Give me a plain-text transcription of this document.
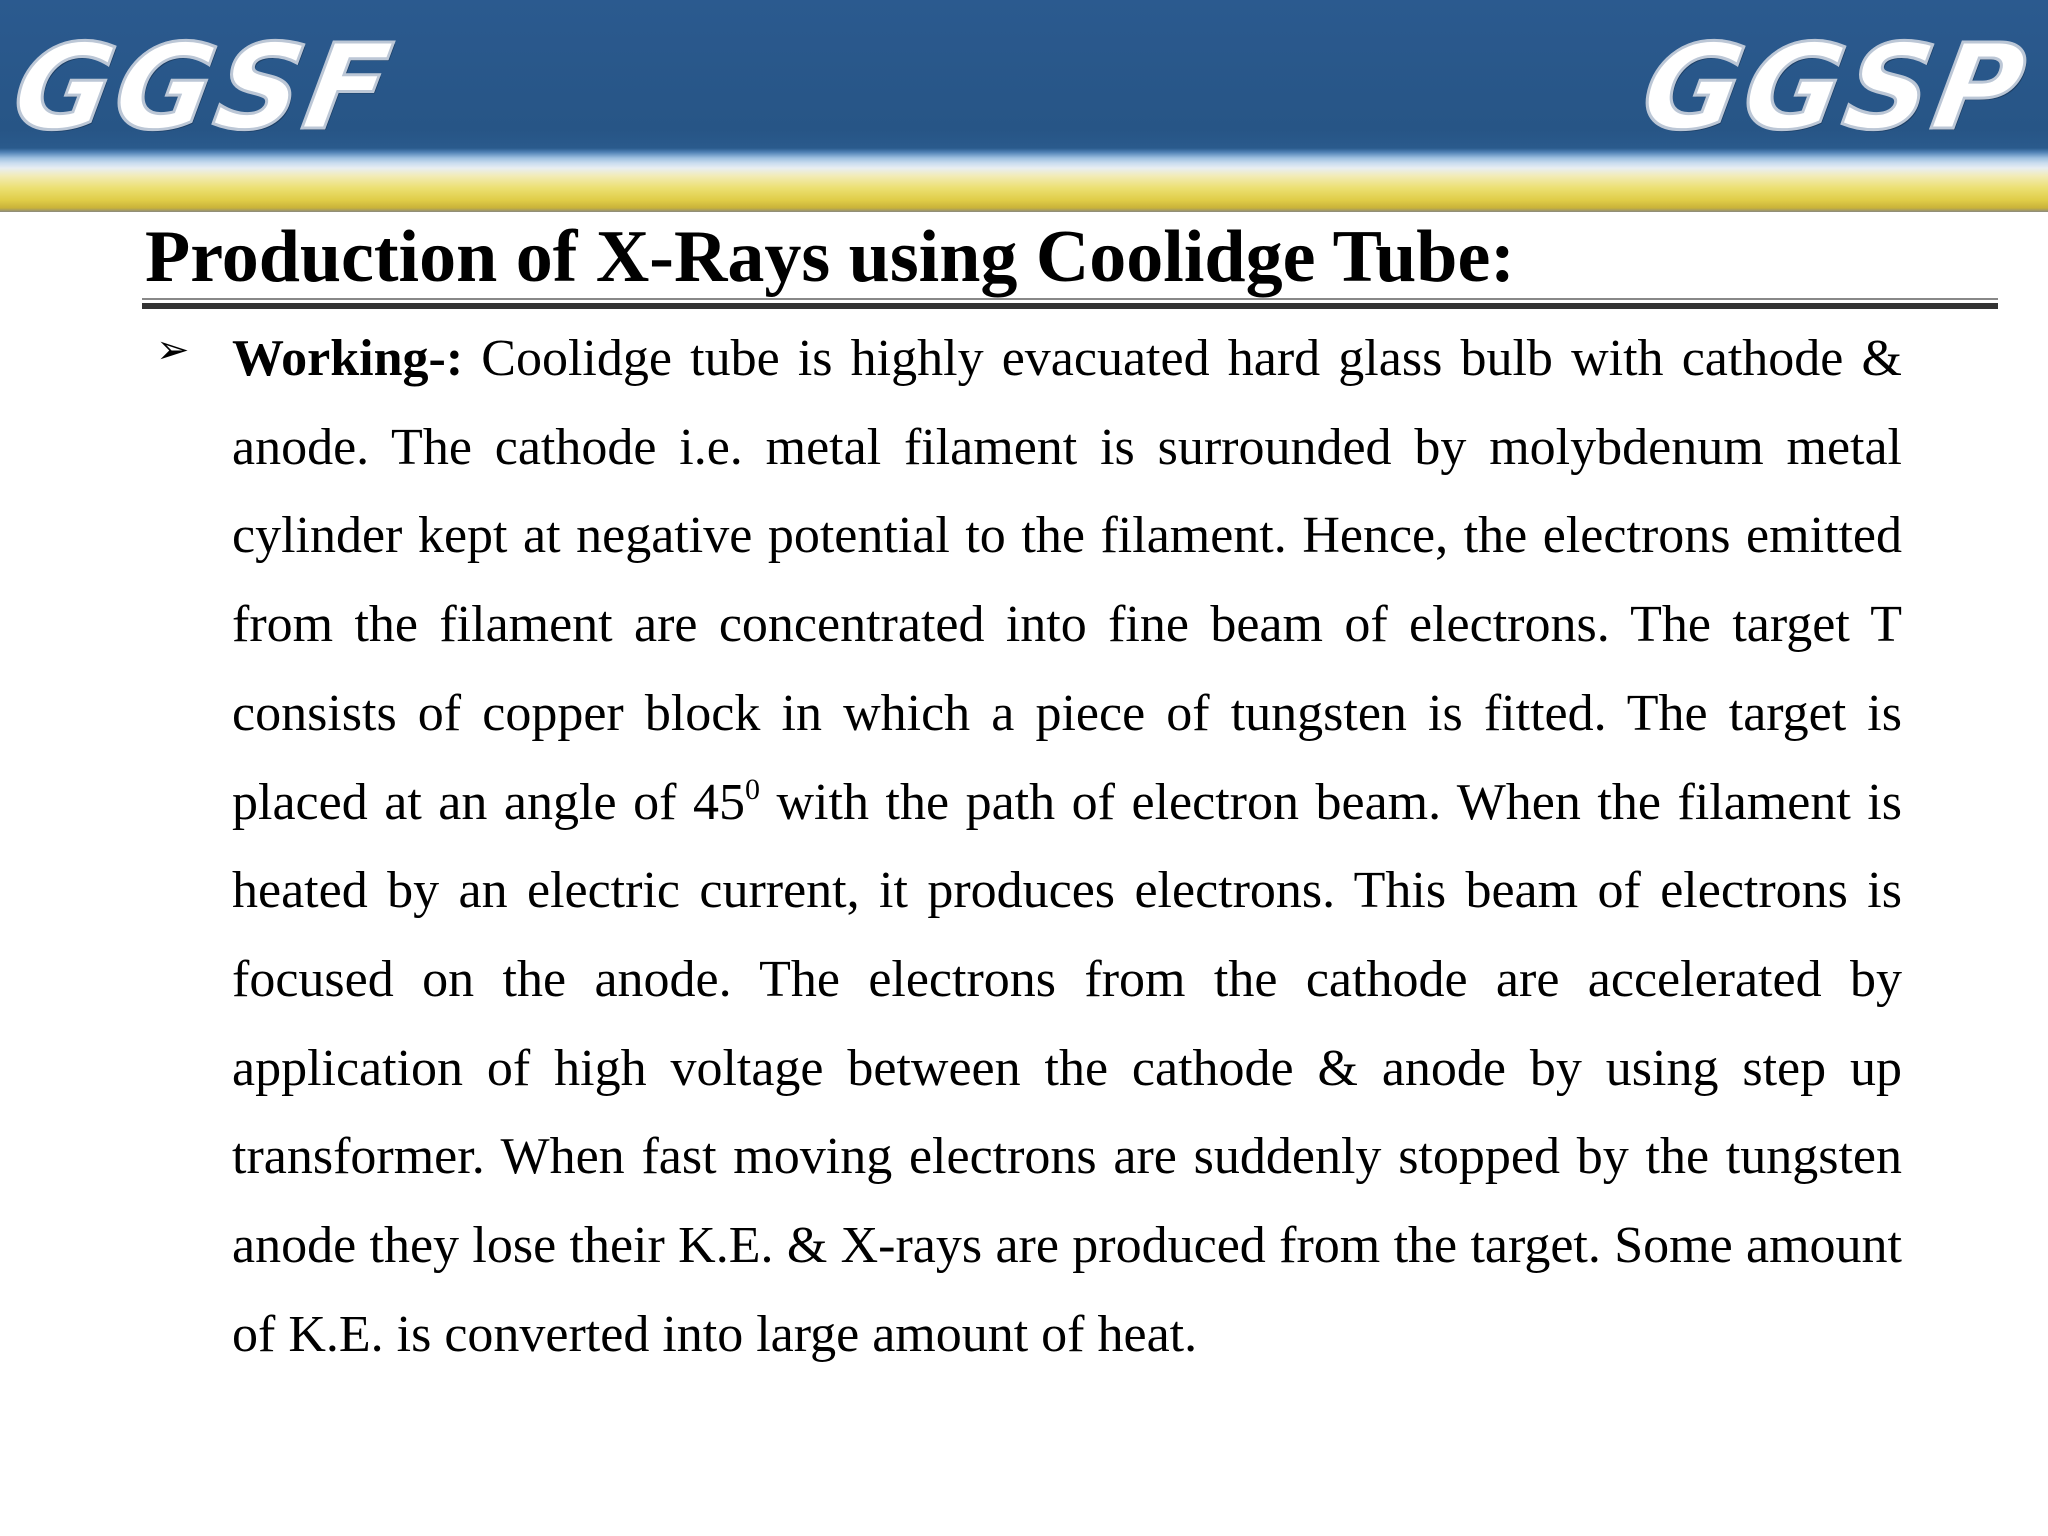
GGSF	GGSP
Production of X-Rays using Coolidge Tube:
➢ Working-: Coolidge tube is highly evacuated hard glass bulb with cathode & anode. The cathode i.e. metal filament is surrounded by molybdenum metal cylinder kept at negative potential to the filament. Hence, the electrons emitted from the filament are concentrated into fine beam of electrons. The target T consists of copper block in which a piece of tungsten is fitted. The target is placed at an angle of $45^0$ with the path of electron beam. When the filament is heated by an electric current, it produces electrons. This beam of electrons is focused on the anode. The electrons from the cathode are accelerated by application of high voltage between the cathode & anode by using step up transformer. When fast moving electrons are suddenly stopped by the tungsten anode they lose their K.E. & X-rays are produced from the target. Some amount of K.E. is converted into large amount of heat.
